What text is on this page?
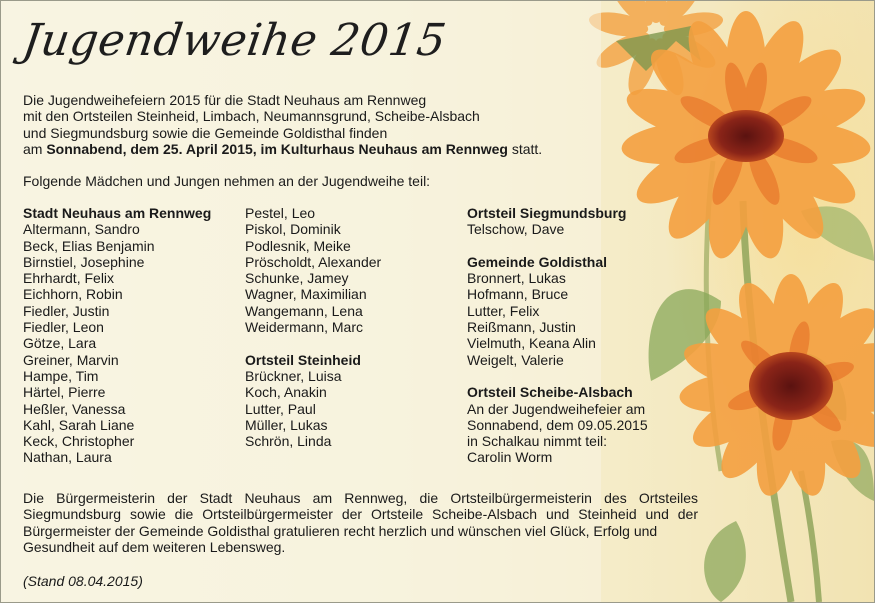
Jugendweihe 2015
Die Jugendweihefeiern 2015 für die Stadt Neuhaus am Rennweg
mit den Ortsteilen Steinheid, Limbach, Neumannsgrund, Scheibe-Alsbach
und Siegmundsburg sowie die Gemeinde Goldisthal finden
am Sonnabend, dem 25. April 2015, im Kulturhaus Neuhaus am Rennweg statt.
Folgende Mädchen und Jungen nehmen an der Jugendweihe teil:
Stadt Neuhaus am Rennweg
Altermann, Sandro
Beck, Elias Benjamin
Birnstiel, Josephine
Ehrhardt, Felix
Eichhorn, Robin
Fiedler, Justin
Fiedler, Leon
Götze, Lara
Greiner, Marvin
Hampe, Tim
Härtel, Pierre
Heßler, Vanessa
Kahl, Sarah Liane
Keck, Christopher
Nathan, Laura
Pestel, Leo
Piskol, Dominik
Podlesnik, Meike
Pröscholdt, Alexander
Schunke, Jamey
Wagner, Maximilian
Wangemann, Lena
Weidermann, Marc
Ortsteil Steinheid
Brückner, Luisa
Koch, Anakin
Lutter, Paul
Müller, Lukas
Schrön, Linda
Ortsteil Siegmundsburg
Telschow, Dave
Gemeinde Goldisthal
Bronnert, Lukas
Hofmann, Bruce
Lutter, Felix
Reißmann, Justin
Vielmuth, Keana Alin
Weigelt, Valerie
Ortsteil Scheibe-Alsbach
An der Jugendweihefeier am
Sonnabend, dem 09.05.2015
in Schalkau nimmt teil:
Carolin Worm
Die Bürgermeisterin der Stadt Neuhaus am Rennweg, die Ortsteilbürgermeisterin des Ortsteiles Siegmundsburg sowie die Ortsteilbürgermeister der Ortsteile Scheibe-Alsbach und Steinheid und der Bürgermeister der Gemeinde Goldisthal gratulieren recht herzlich und wünschen viel Glück, Erfolg und
Gesundheit auf dem weiteren Lebensweg.
(Stand 08.04.2015)
